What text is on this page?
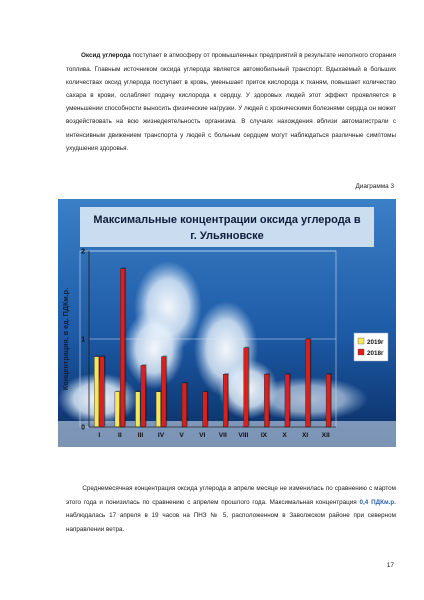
Оксид углерода поступает в атмосферу от промышленных предприятий в результате неполного сгорания топлива. Главным источником оксида углерода является автомобильный транспорт. Вдыхаемый в больших количествах оксид углерода поступает в кровь, уменьшает приток кислорода к тканям, повышает количество сахара в крови, ослабляет подачу кислорода к сердцу. У здоровых людей этот эффект проявляется в уменьшении способности выносить физические нагрузки. У людей с хроническими болезнями сердца он может воздействовать на всю жизнедеятельность организма. В случаях нахождения вблизи автомагистрали с интенсивным движением транспорта у людей с больным сердцем могут наблюдаться различные симптомы ухудшения здоровья.

Диаграмма 3
Максимальные концентрации оксида углерода в
г. Ульяновске
0
1
2
I	II III IV V VI VII VIII IX X XI XII
Концентрация, в ед. ПДКм.р.	2019г
2018г

Среднемесячная концентрация оксида углерода в апреле месяце не изменилась по сравнению с мартом этого года и понизилась по сравнению с апрелем прошлого года. Максимальная концентрация 0,4 ПДКм.р. наблюдалась 17 апреля в 19 часов на ПНЗ № 5, расположенном в Заволжском районе при северном направлении ветра.

17
